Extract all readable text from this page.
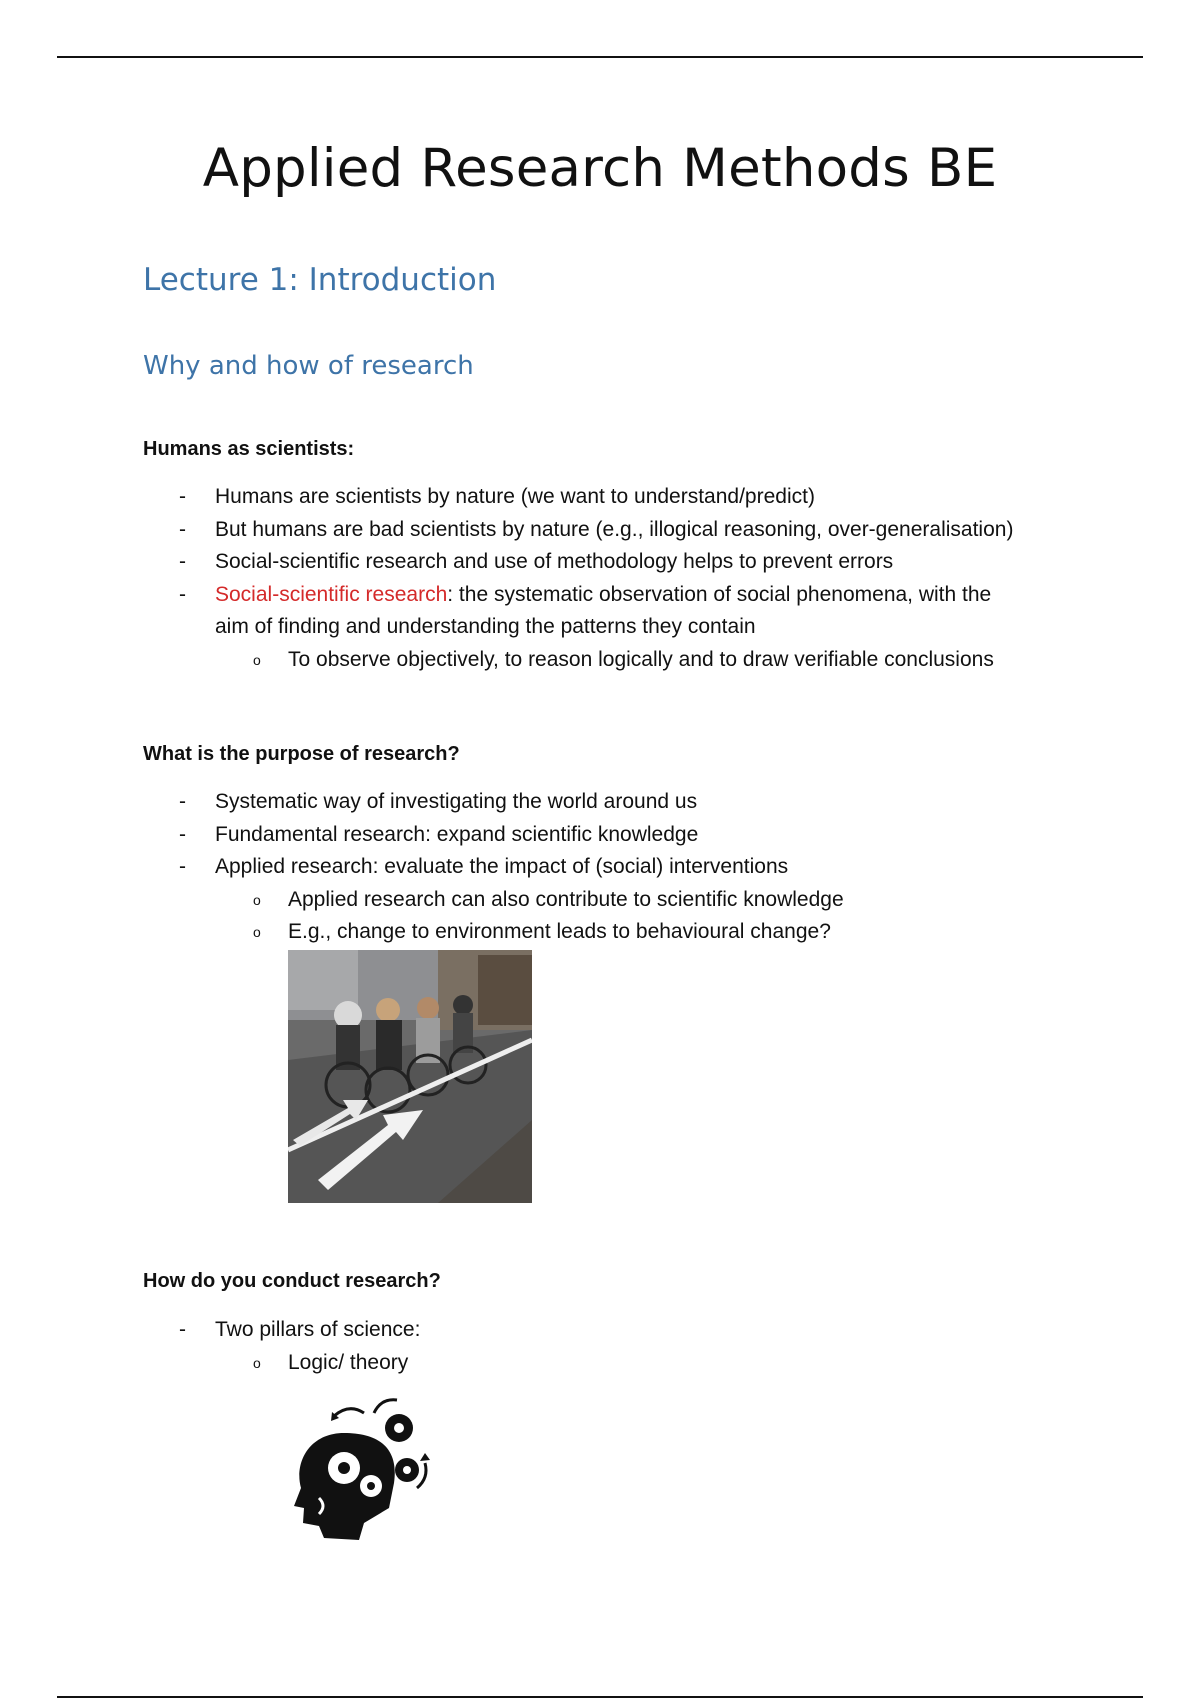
Applied Research Methods BE
Lecture 1: Introduction
Why and how of research

Humans as scientists:

-	Humans are scientists by nature (we want to understand/predict)
-	But humans are bad scientists by nature (e.g., illogical reasoning, over-generalisation)
-	Social-scientific research and use of methodology helps to prevent errors
-	Social-scientific research: the systematic observation of social phenomena, with the aim of finding and understanding the patterns they contain
o	To observe objectively, to reason logically and to draw verifiable conclusions

What is the purpose of research?

-	Systematic way of investigating the world around us
-	Fundamental research: expand scientific knowledge
-	Applied research: evaluate the impact of (social) interventions
o	Applied research can also contribute to scientific knowledge
o	E.g., change to environment leads to behavioural change?

How do you conduct research?

-	Two pillars of science:
o	Logic/ theory
